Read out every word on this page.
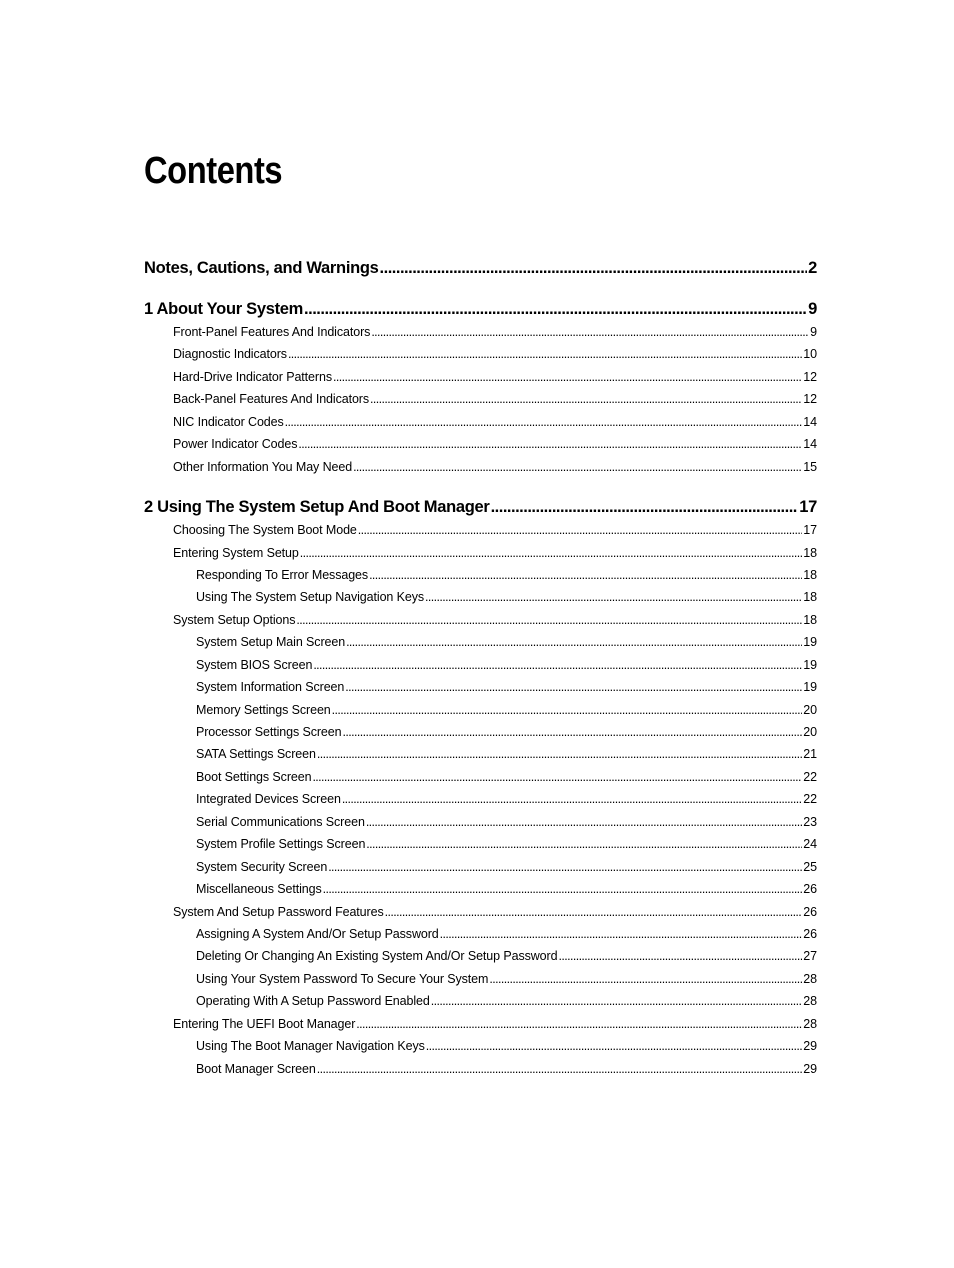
Contents
Notes, Cautions, and Warnings .....	2
1 About Your System .....	9
Front-Panel Features And Indicators .....	9
Diagnostic Indicators .....	10
Hard-Drive Indicator Patterns .....	12
Back-Panel Features And Indicators .....	12
NIC Indicator Codes .....	14
Power Indicator Codes .....	14
Other Information You May Need .....	15
2 Using The System Setup And Boot Manager .....	17
Choosing The System Boot Mode .....	17
Entering System Setup .....	18
Responding To Error Messages .....	18
Using The System Setup Navigation Keys .....	18
System Setup Options .....	18
System Setup Main Screen .....	19
System BIOS Screen .....	19
System Information Screen .....	19
Memory Settings Screen .....	20
Processor Settings Screen .....	20
SATA Settings Screen .....	21
Boot Settings Screen .....	22
Integrated Devices Screen .....	22
Serial Communications Screen .....	23
System Profile Settings Screen .....	24
System Security Screen .....	25
Miscellaneous Settings .....	26
System And Setup Password Features .....	26
Assigning A System And/Or Setup Password .....	26
Deleting Or Changing An Existing System And/Or Setup Password .....	27
Using Your System Password To Secure Your System .....	28
Operating With A Setup Password Enabled .....	28
Entering The UEFI Boot Manager .....	28
Using The Boot Manager Navigation Keys .....	29
Boot Manager Screen .....	29
